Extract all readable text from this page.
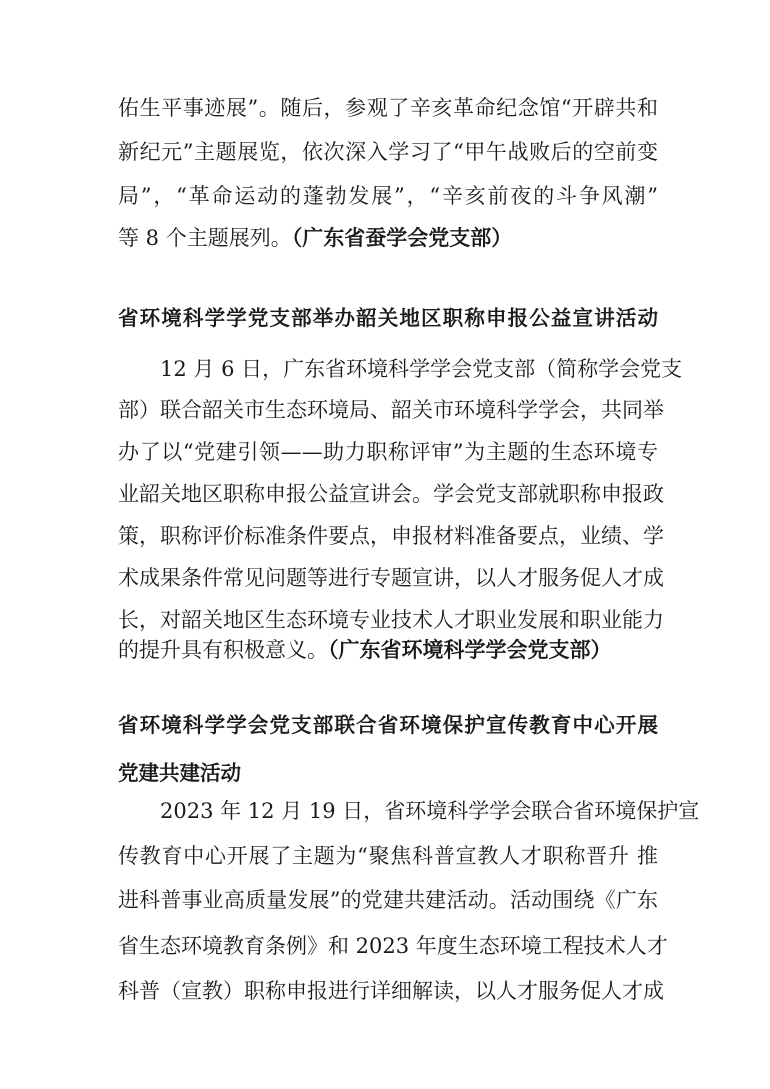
佑生平事迹展”。随后，参观了辛亥革命纪念馆“开辟共和
新纪元”主题展览，依次深入学习了“甲午战败后的空前变
局”，“革命运动的蓬勃发展”，“辛亥前夜的斗争风潮”
等 8 个主题展列。（广东省蚕学会党支部）
省环境科学学党支部举办韶关地区职称申报公益宣讲活动
12 月 6 日，广东省环境科学学会党支部（简称学会党支
部）联合韶关市生态环境局、韶关市环境科学学会，共同举
办了以“党建引领——助力职称评审”为主题的生态环境专
业韶关地区职称申报公益宣讲会。学会党支部就职称申报政
策，职称评价标准条件要点，申报材料准备要点，业绩、学
术成果条件常见问题等进行专题宣讲，以人才服务促人才成
长，对韶关地区生态环境专业技术人才职业发展和职业能力
的提升具有积极意义。（广东省环境科学学会党支部）
省环境科学学会党支部联合省环境保护宣传教育中心开展
党建共建活动
2023 年 12 月 19 日，省环境科学学会联合省环境保护宣
传教育中心开展了主题为“聚焦科普宣教人才职称晋升 推
进科普事业高质量发展”的党建共建活动。活动围绕《广东
省生态环境教育条例》和 2023 年度生态环境工程技术人才
科普（宣教）职称申报进行详细解读，以人才服务促人才成
